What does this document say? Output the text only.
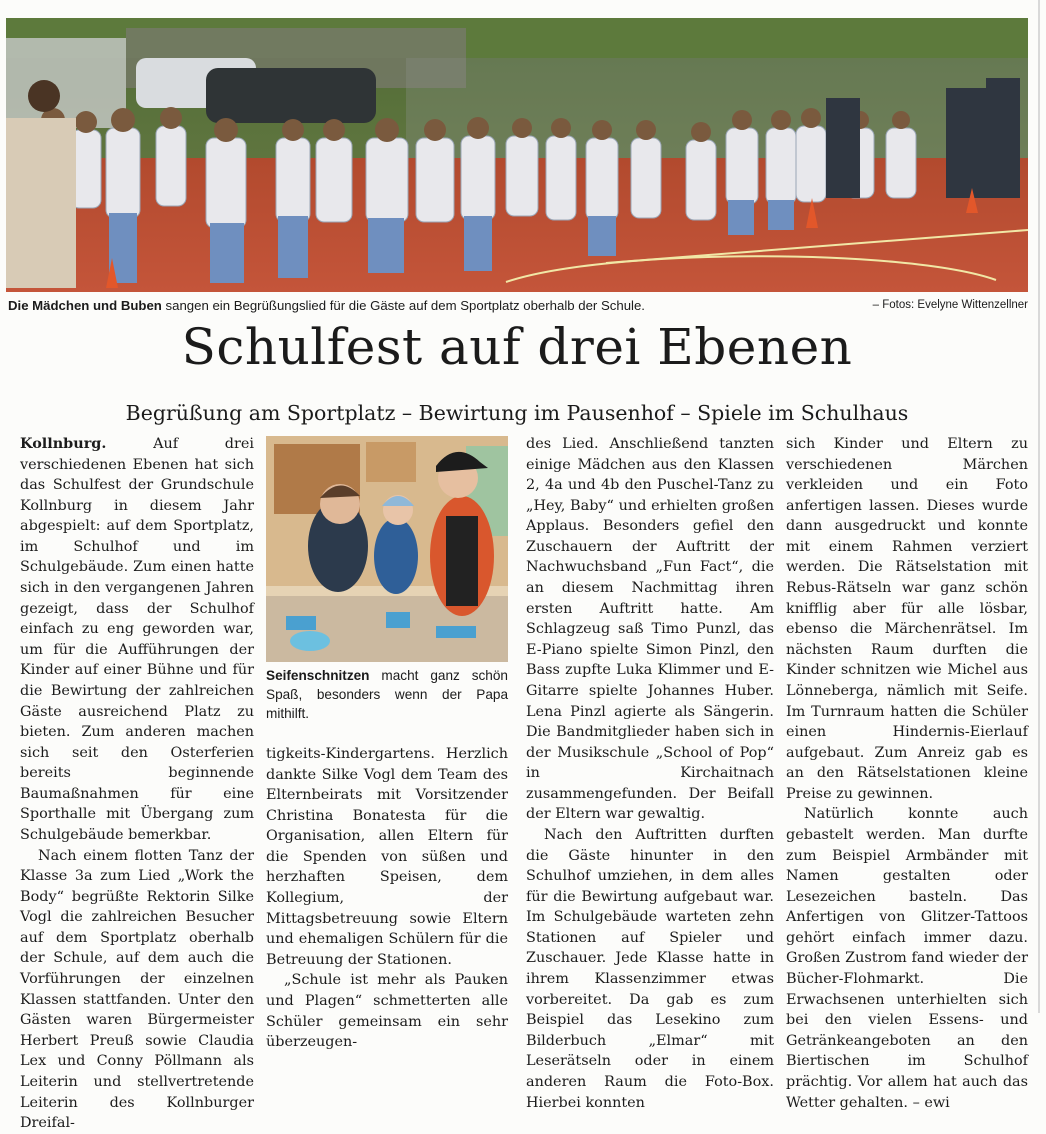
Die Mädchen und Buben sangen ein Begrüßungslied für die Gäste auf dem Sportplatz oberhalb der Schule.	– Fotos: Evelyne Wittenzellner
Schulfest auf drei Ebenen
Begrüßung am Sportplatz – Bewirtung im Pausenhof – Spiele im Schulhaus

Kollnburg. Auf drei verschiedenen Ebenen hat sich das Schulfest der Grundschule Kollnburg in diesem Jahr abgespielt: auf dem Sportplatz, im Schulhof und im Schulgebäude. Zum einen hatte sich in den vergangenen Jahren gezeigt, dass der Schulhof einfach zu eng geworden war, um für die Aufführungen der Kinder auf einer Bühne und für die Bewirtung der zahlreichen Gäste ausreichend Platz zu bieten. Zum anderen machen sich seit den Osterferien bereits beginnende Baumaßnahmen für eine Sporthalle mit Übergang zum Schulgebäude bemerkbar.

Nach einem flotten Tanz der Klasse 3a zum Lied „Work the Body“ begrüßte Rektorin Silke Vogl die zahlreichen Besucher auf dem Sportplatz oberhalb der Schule, auf dem auch die Vorführungen der einzelnen Klassen stattfanden. Unter den Gästen waren Bürgermeister Herbert Preuß sowie Claudia Lex und Conny Pöllmann als Leiterin und stellvertretende Leiterin des Kollnburger Dreifal-

Seifenschnitzen macht ganz schön Spaß, besonders wenn der Papa mithilft.

tigkeits-Kindergartens. Herzlich dankte Silke Vogl dem Team des Elternbeirats mit Vorsitzender Christina Bonatesta für die Organisation, allen Eltern für die Spenden von süßen und herzhaften Speisen, dem Kollegium, der Mittagsbetreuung sowie Eltern und ehemaligen Schülern für die Betreuung der Stationen.

„Schule ist mehr als Pauken und Plagen“ schmetterten alle Schüler gemeinsam ein sehr überzeugen-

des Lied. Anschließend tanzten einige Mädchen aus den Klassen 2, 4a und 4b den Puschel-Tanz zu „Hey, Baby“ und erhielten großen Applaus. Besonders gefiel den Zuschauern der Auftritt der Nachwuchsband „Fun Fact“, die an diesem Nachmittag ihren ersten Auftritt hatte. Am Schlagzeug saß Timo Punzl, das E-Piano spielte Simon Pinzl, den Bass zupfte Luka Klimmer und E-Gitarre spielte Johannes Huber. Lena Pinzl agierte als Sängerin. Die Bandmitglieder haben sich in der Musikschule „School of Pop“ in Kirchaitnach zusammengefunden. Der Beifall der Eltern war gewaltig.

Nach den Auftritten durften die Gäste hinunter in den Schulhof umziehen, in dem alles für die Bewirtung aufgebaut war. Im Schulgebäude warteten zehn Stationen auf Spieler und Zuschauer. Jede Klasse hatte in ihrem Klassenzimmer etwas vorbereitet. Da gab es zum Beispiel das Lesekino zum Bilderbuch „Elmar“ mit Leserätseln oder in einem anderen Raum die Foto-Box. Hierbei konnten

sich Kinder und Eltern zu verschiedenen Märchen verkleiden und ein Foto anfertigen lassen. Dieses wurde dann ausgedruckt und konnte mit einem Rahmen verziert werden. Die Rätselstation mit Rebus-Rätseln war ganz schön knifflig aber für alle lösbar, ebenso die Märchenrätsel. Im nächsten Raum durften die Kinder schnitzen wie Michel aus Lönneberga, nämlich mit Seife. Im Turnraum hatten die Schüler einen Hindernis-Eierlauf aufgebaut. Zum Anreiz gab es an den Rätselstationen kleine Preise zu gewinnen.

Natürlich konnte auch gebastelt werden. Man durfte zum Beispiel Armbänder mit Namen gestalten oder Lesezeichen basteln. Das Anfertigen von Glitzer-Tattoos gehört einfach immer dazu. Großen Zustrom fand wieder der Bücher-Flohmarkt. Die Erwachsenen unterhielten sich bei den vielen Essens- und Getränkeangeboten an den Biertischen im Schulhof prächtig. Vor allem hat auch das Wetter gehalten. – ewi
